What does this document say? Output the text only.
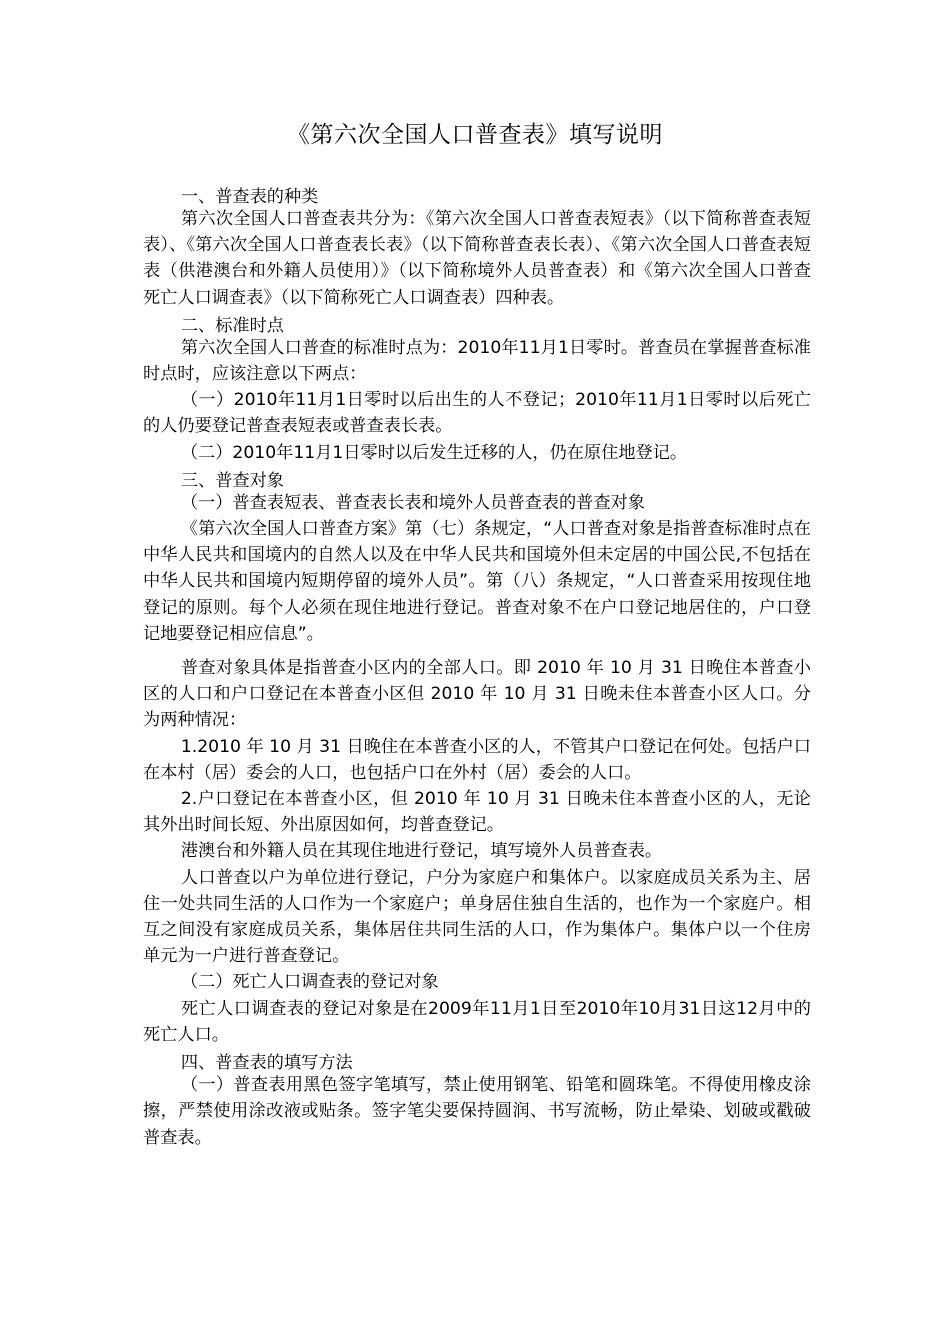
《第六次全国人口普查表》填写说明

一、普查表的种类

第六次全国人口普查表共分为：《第六次全国人口普查表短表》（以下简称普查表短表）、《第六次全国人口普查表长表》（以下简称普查表长表）、《第六次全国人口普查表短表（供港澳台和外籍人员使用）》（以下简称境外人员普查表）和《第六次全国人口普查死亡人口调查表》（以下简称死亡人口调查表）四种表。

二、标准时点

第六次全国人口普查的标准时点为：2010年11月1日零时。普查员在掌握普查标准时点时，应该注意以下两点：

（一）2010年11月1日零时以后出生的人不登记；2010年11月1日零时以后死亡的人仍要登记普查表短表或普查表长表。

（二）2010年11月1日零时以后发生迁移的人，仍在原住地登记。

三、普查对象

（一）普查表短表、普查表长表和境外人员普查表的普查对象

《第六次全国人口普查方案》第（七）条规定，“人口普查对象是指普查标准时点在中华人民共和国境内的自然人以及在中华人民共和国境外但未定居的中国公民,不包括在中华人民共和国境内短期停留的境外人员”。第（八）条规定，“人口普查采用按现住地登记的原则。每个人必须在现住地进行登记。普查对象不在户口登记地居住的，户口登记地要登记相应信息”。

普查对象具体是指普查小区内的全部人口。即 2010 年 10 月 31 日晚住本普查小区的人口和户口登记在本普查小区但 2010 年 10 月 31 日晚未住本普查小区人口。分为两种情况：

1.2010 年 10 月 31 日晚住在本普查小区的人，不管其户口登记在何处。包括户口在本村（居）委会的人口，也包括户口在外村（居）委会的人口。

2.户口登记在本普查小区，但 2010 年 10 月 31 日晚未住本普查小区的人，无论其外出时间长短、外出原因如何，均普查登记。

港澳台和外籍人员在其现住地进行登记，填写境外人员普查表。

人口普查以户为单位进行登记，户分为家庭户和集体户。以家庭成员关系为主、居住一处共同生活的人口作为一个家庭户；单身居住独自生活的，也作为一个家庭户。相互之间没有家庭成员关系，集体居住共同生活的人口，作为集体户。集体户以一个住房单元为一户进行普查登记。

（二）死亡人口调查表的登记对象

死亡人口调查表的登记对象是在2009年11月1日至2010年10月31日这12月中的死亡人口。

四、普查表的填写方法

（一）普查表用黑色签字笔填写，禁止使用钢笔、铅笔和圆珠笔。不得使用橡皮涂擦，严禁使用涂改液或贴条。签字笔尖要保持圆润、书写流畅，防止晕染、划破或戳破普查表。
